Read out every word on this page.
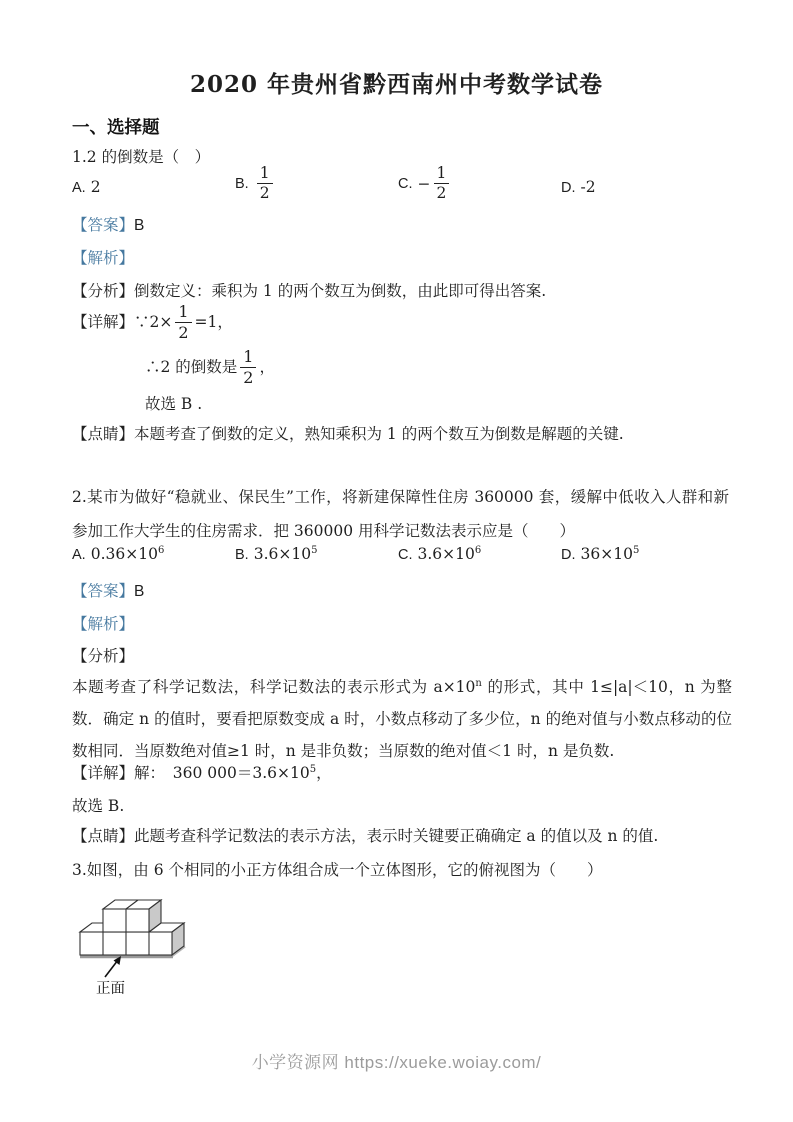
2020 年贵州省黔西南州中考数学试卷
一、选择题
1.2 的倒数是（　）
A. 2	B. $\frac{1}{2}$	C. − $\frac{1}{2}$	D. -2
【答案】B
【解析】
【分析】倒数定义：乘积为 1 的两个数互为倒数，由此即可得出答案.
【详解】∵2× $\frac{1}{2} =1$，
∴2 的倒数是 $\frac{1}{2}$ ，
故选 B .
【点睛】本题考查了倒数的定义，熟知乘积为 1 的两个数互为倒数是解题的关键.
2.某市为做好“稳就业、保民生”工作，将新建保障性住房 360000 套，缓解中低收入人群和新参加工作大学生的住房需求．把 360000 用科学记数法表示应是（　　）
A. $0.36\times 10^6$	B. $3.6\times 10^5$	C. $3.6\times 10^6$	D. $36\times 10^5$
【答案】B
【解析】
【分析】
本题考查了科学记数法，科学记数法的表示形式为 $a\times 10^n$ 的形式，其中 1≤|a|＜10，n 为整数．确定 n 的值时，要看把原数变成 a 时，小数点移动了多少位，n 的绝对值与小数点移动的位数相同．当原数绝对值≥1 时，n 是非负数；当原数的绝对值＜1 时，n 是负数.
【详解】解：　360 $000=3.6\times 10^5$，
故选 B.
【点睛】此题考查科学记数法的表示方法，表示时关键要正确确定 a 的值以及 n 的值.
3.如图，由 6 个相同的小正方体组合成一个立体图形，它的俯视图为（　　）
正面
小学资源网 https://xueke.woiay.com/
